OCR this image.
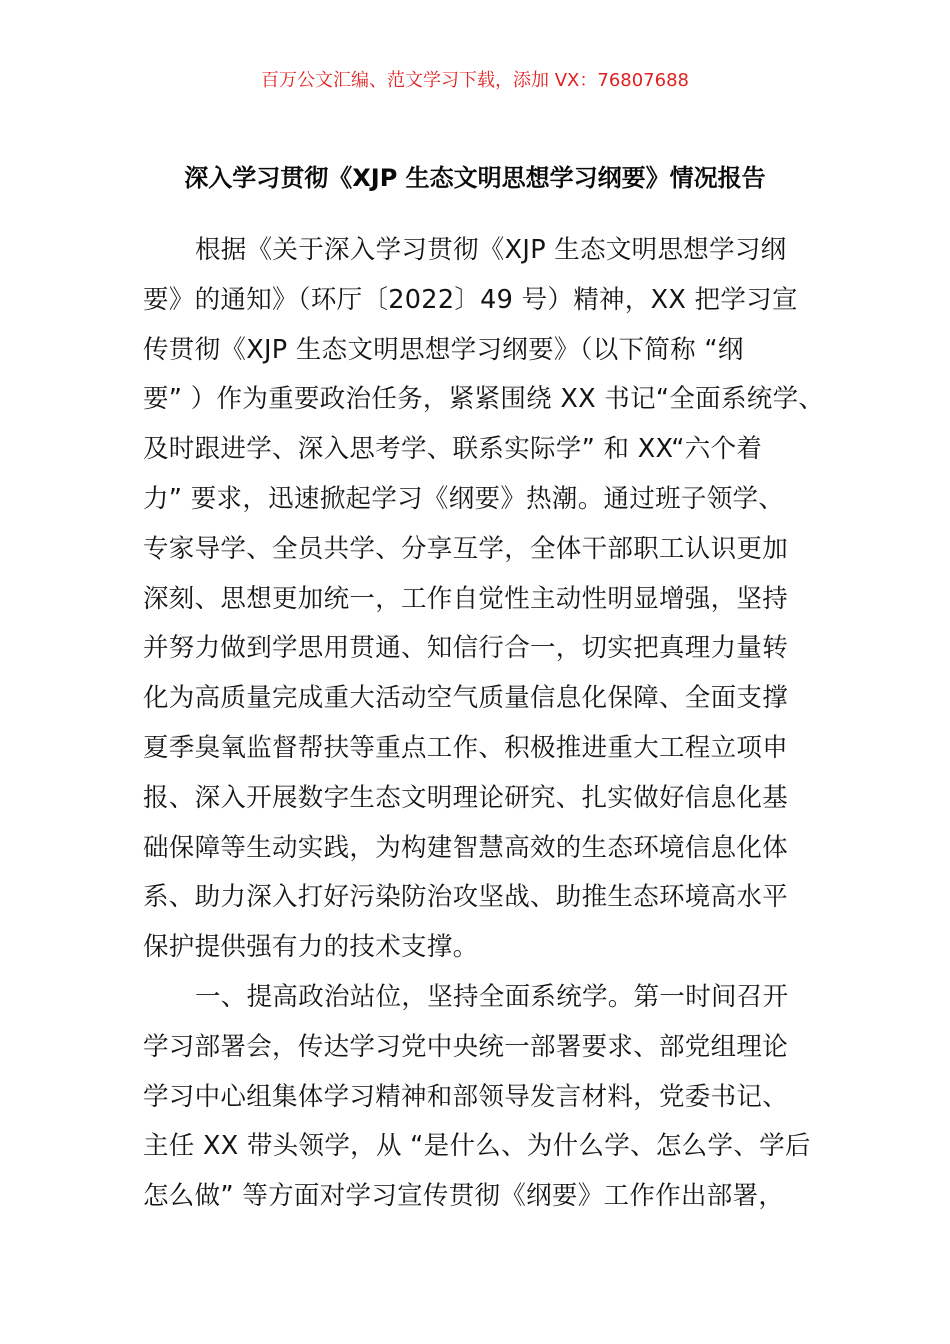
百万公文汇编、范文学习下载，添加 VX：76807688
深入学习贯彻《XJP 生态文明思想学习纲要》情况报告
根据《关于深入学习贯彻《XJP 生态文明思想学习纲
要》的通知》（环厅〔2022〕49 号）精神，XX 把学习宣
传贯彻《XJP 生态文明思想学习纲要》（以下简称 “纲
要” ）作为重要政治任务，紧紧围绕 XX 书记“全面系统学、
及时跟进学、深入思考学、联系实际学” 和 XX“六个着
力” 要求，迅速掀起学习《纲要》热潮。通过班子领学、
专家导学、全员共学、分享互学，全体干部职工认识更加
深刻、思想更加统一，工作自觉性主动性明显增强，坚持
并努力做到学思用贯通、知信行合一，切实把真理力量转
化为高质量完成重大活动空气质量信息化保障、全面支撑
夏季臭氧监督帮扶等重点工作、积极推进重大工程立项申
报、深入开展数字生态文明理论研究、扎实做好信息化基
础保障等生动实践，为构建智慧高效的生态环境信息化体
系、助力深入打好污染防治攻坚战、助推生态环境高水平
保护提供强有力的技术支撑。
一、提高政治站位，坚持全面系统学。第一时间召开
学习部署会，传达学习党中央统一部署要求、部党组理论
学习中心组集体学习精神和部领导发言材料，党委书记、
主任 XX 带头领学，从 “是什么、为什么学、怎么学、学后
怎么做” 等方面对学习宣传贯彻《纲要》工作作出部署，
